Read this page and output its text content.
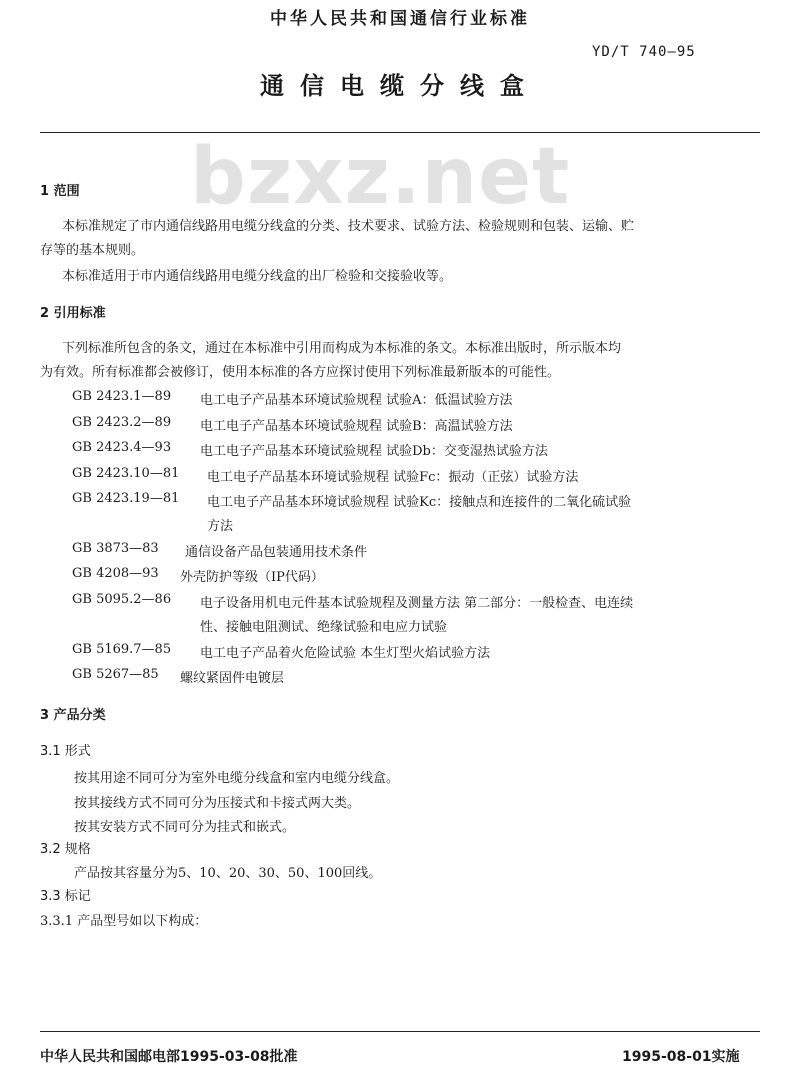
中华人民共和国通信行业标准
YD/T 740—95
通信电缆分线盒
bzxz.net
1 范围
本标准规定了市内通信线路用电缆分线盒的分类、技术要求、试验方法、检验规则和包装、运输、贮
存等的基本规则。
本标准适用于市内通信线路用电缆分线盒的出厂检验和交接验收等。
2 引用标准
下列标准所包含的条文，通过在本标准中引用而构成为本标准的条文。本标准出版时，所示版本均
为有效。所有标准都会被修订，使用本标准的各方应探讨使用下列标准最新版本的可能性。
GB 2423.1—89 电工电子产品基本环境试验规程 试验A：低温试验方法
GB 2423.2—89 电工电子产品基本环境试验规程 试验B：高温试验方法
GB 2423.4—93 电工电子产品基本环境试验规程 试验Db：交变湿热试验方法
GB 2423.10—81 电工电子产品基本环境试验规程 试验Fc：振动（正弦）试验方法
GB 2423.19—81 电工电子产品基本环境试验规程 试验Kc：接触点和连接件的二氧化硫试验
方法
GB 3873—83 通信设备产品包装通用技术条件
GB 4208—93 外壳防护等级（IP代码）
GB 5095.2—86 电子设备用机电元件基本试验规程及测量方法 第二部分：一般检查、电连续
性、接触电阻测试、绝缘试验和电应力试验
GB 5169.7—85 电工电子产品着火危险试验 本生灯型火焰试验方法
GB 5267—85 螺纹紧固件电镀层
3 产品分类
3.1 形式
按其用途不同可分为室外电缆分线盒和室内电缆分线盒。
按其接线方式不同可分为压接式和卡接式两大类。
按其安装方式不同可分为挂式和嵌式。
3.2 规格
产品按其容量分为5、10、20、30、50、100回线。
3.3 标记
3.3.1 产品型号如以下构成：
中华人民共和国邮电部1995-03-08批准	1995-08-01实施
